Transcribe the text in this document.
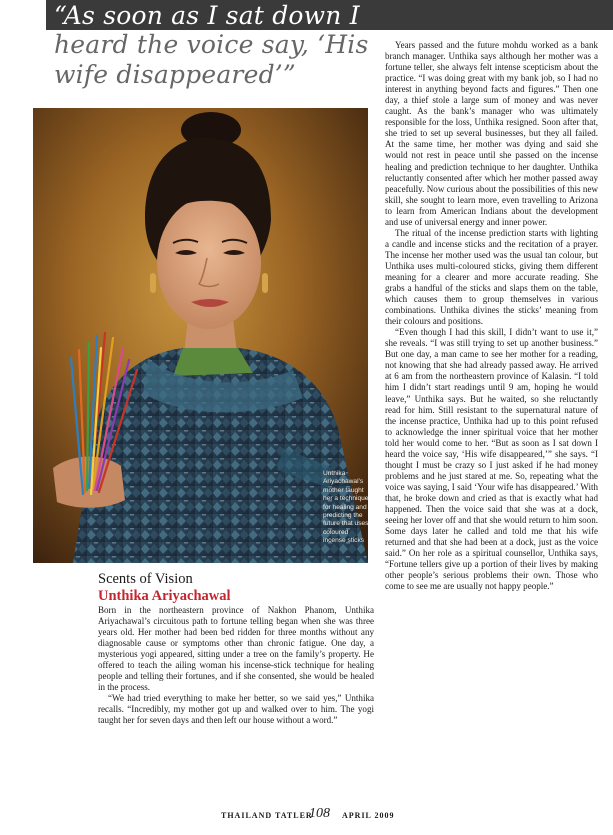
“As soon as I sat down I
heard the voice say, ‘His
wife disappeared’”
Unthika Ariyachawal’s mother taught her a technique for healing and predicting the future that uses coloured incense sticks
Scents of Vision
Unthika Ariyachawal

Born in the northeastern province of Nakhon Phanom, Unthika Ariyachawal’s circuitous path to fortune telling began when she was three years old. Her mother had been bed ridden for three months without any diagnosable cause or symptoms other than chronic fatigue. One day, a mysterious yogi appeared, sitting under a tree on the family’s property. He offered to teach the ailing woman his incense-stick technique for healing people and telling their fortunes, and if she consented, she would be healed in the process.

“We had tried everything to make her better, so we said yes,” Unthika recalls. “Incredibly, my mother got up and walked over to him. The yogi taught her for seven days and then left our house without a word.”

Years passed and the future mohdu worked as a bank branch manager. Unthika says although her mother was a fortune teller, she always felt intense scepticism about the practice. “I was doing great with my bank job, so I had no interest in anything beyond facts and figures.” Then one day, a thief stole a large sum of money and was never caught. As the bank’s manager who was ultimately responsible for the loss, Unthika resigned. Soon after that, she tried to set up several businesses, but they all failed. At the same time, her mother was dying and said she would not rest in peace until she passed on the incense healing and prediction technique to her daughter. Unthika reluctantly consented after which her mother passed away peacefully. Now curious about the possibilities of this new skill, she sought to learn more, even travelling to Arizona to learn from American Indians about the development and use of universal energy and inner power.

The ritual of the incense prediction starts with lighting a candle and incense sticks and the recitation of a prayer. The incense her mother used was the usual tan colour, but Unthika uses multi-coloured sticks, giving them different meaning for a clearer and more accurate reading. She grabs a handful of the sticks and slaps them on the table, which causes them to group themselves in various combinations. Unthika divines the sticks’ meaning from their colours and positions.

“Even though I had this skill, I didn’t want to use it,” she reveals. “I was still trying to set up another business.” But one day, a man came to see her mother for a reading, not knowing that she had already passed away. He arrived at 6 am from the northeastern province of Kalasin. “I told him I didn’t start readings until 9 am, hoping he would leave,” Unthika says. But he waited, so she reluctantly read for him. Still resistant to the supernatural nature of the incense practice, Unthika had up to this point refused to acknowledge the inner spiritual voice that her mother told her would come to her. “But as soon as I sat down I heard the voice say, ‘His wife disappeared,’” she says. “I thought I must be crazy so I just asked if he had money problems and he just stared at me. So, repeating what the voice was saying, I said ‘Your wife has disappeared.’ With that, he broke down and cried as that is exactly what had happened. Then the voice said that she was at a dock, seeing her lover off and that she would return to him soon. Some days later he called and told me that his wife returned and that she had been at a dock, just as the voice said.” On her role as a spiritual counsellor, Unthika says, “Fortune tellers give up a portion of their lives by making other people’s serious problems their own. Those who come to see me are usually not happy people.”

THAILAND TATLER
108 APRIL 2009
